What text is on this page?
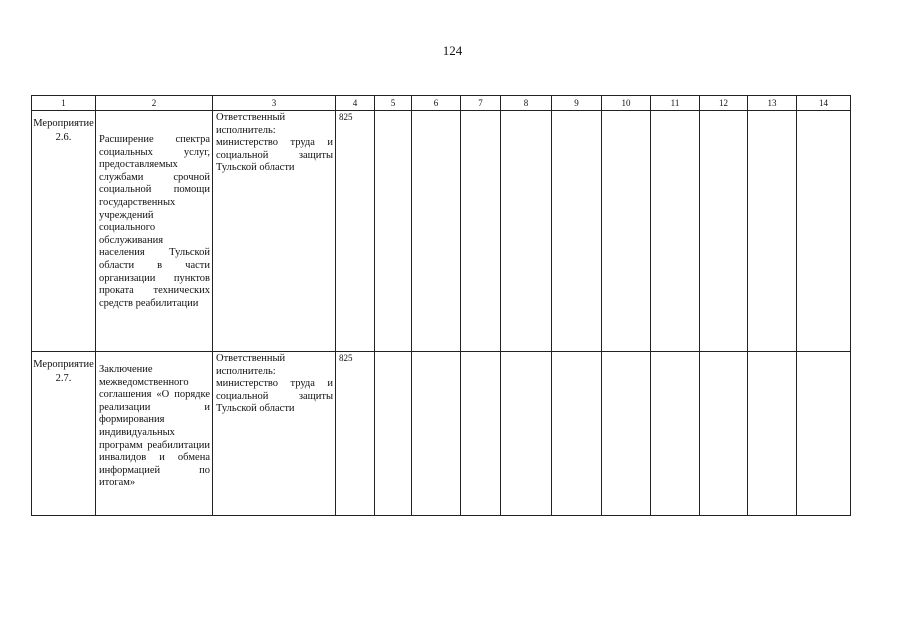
124
1	2	3	4	5	6	7	8	9	10	11	12	13	14

Мероприятие 2.6.	Расширение спектра социальных услуг, предоставляемых службами срочной социальной помощи государственных учреждений социального обслуживания населения Тульской области в части организации пунктов проката технических средств реабилитации	Ответственный исполнитель: министерство труда и социальной защиты Тульской области	825										

Мероприятие 2.7.	Заключение межведомственного соглашения «О порядке реализации и формирования индивидуальных программ реабилитации инвалидов и обмена информацией по итогам»	Ответственный исполнитель: министерство труда и социальной защиты Тульской области	825										
